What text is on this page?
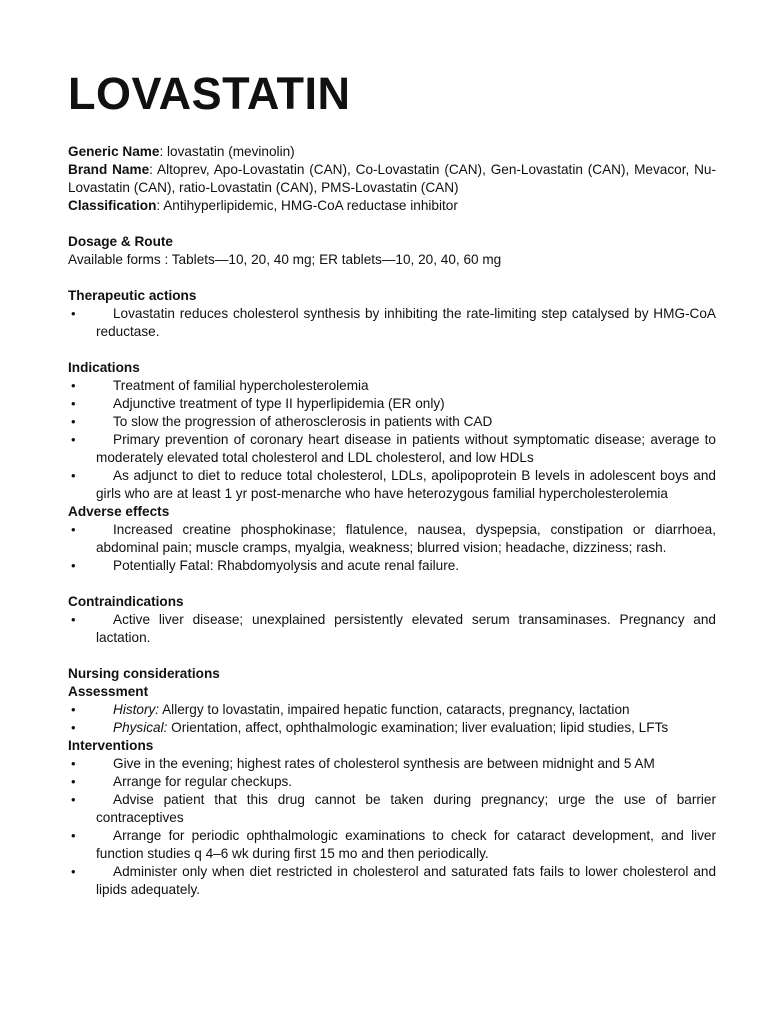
LOVASTATIN

Generic Name: lovastatin (mevinolin)

Brand Name: Altoprev, Apo-Lovastatin (CAN), Co-Lovastatin (CAN), Gen-Lovastatin (CAN), Mevacor, Nu-Lovastatin (CAN), ratio-Lovastatin (CAN), PMS-Lovastatin (CAN)

Classification: Antihyperlipidemic, HMG-CoA reductase inhibitor

Dosage & Route

Available forms : Tablets—10, 20, 40 mg; ER tablets—10, 20, 40, 60 mg

Therapeutic actions

•	Lovastatin reduces cholesterol synthesis by inhibiting the rate-limiting step catalysed by HMG-CoA reductase.

Indications

•	Treatment of familial hypercholesterolemia
•	Adjunctive treatment of type II hyperlipidemia (ER only)
•	To slow the progression of atherosclerosis in patients with CAD
•	Primary prevention of coronary heart disease in patients without symptomatic disease; average to moderately elevated total cholesterol and LDL cholesterol, and low HDLs
•	As adjunct to diet to reduce total cholesterol, LDLs, apolipoprotein B levels in adolescent boys and girls who are at least 1 yr post-menarche who have heterozygous familial hypercholesterolemia

Adverse effects

•	Increased creatine phosphokinase; flatulence, nausea, dyspepsia, constipation or diarrhoea, abdominal pain; muscle cramps, myalgia, weakness; blurred vision; headache, dizziness; rash.
•	Potentially Fatal: Rhabdomyolysis and acute renal failure.

Contraindications

•	Active liver disease; unexplained persistently elevated serum transaminases. Pregnancy and lactation.

Nursing considerations

Assessment

•	History: Allergy to lovastatin, impaired hepatic function, cataracts, pregnancy, lactation
•	Physical: Orientation, affect, ophthalmologic examination; liver evaluation; lipid studies, LFTs

Interventions

•	Give in the evening; highest rates of cholesterol synthesis are between midnight and 5 AM
•	Arrange for regular checkups.
•	Advise patient that this drug cannot be taken during pregnancy; urge the use of barrier contraceptives
•	Arrange for periodic ophthalmologic examinations to check for cataract development, and liver function studies q 4–6 wk during first 15 mo and then periodically.
•	Administer only when diet restricted in cholesterol and saturated fats fails to lower cholesterol and lipids adequately.
